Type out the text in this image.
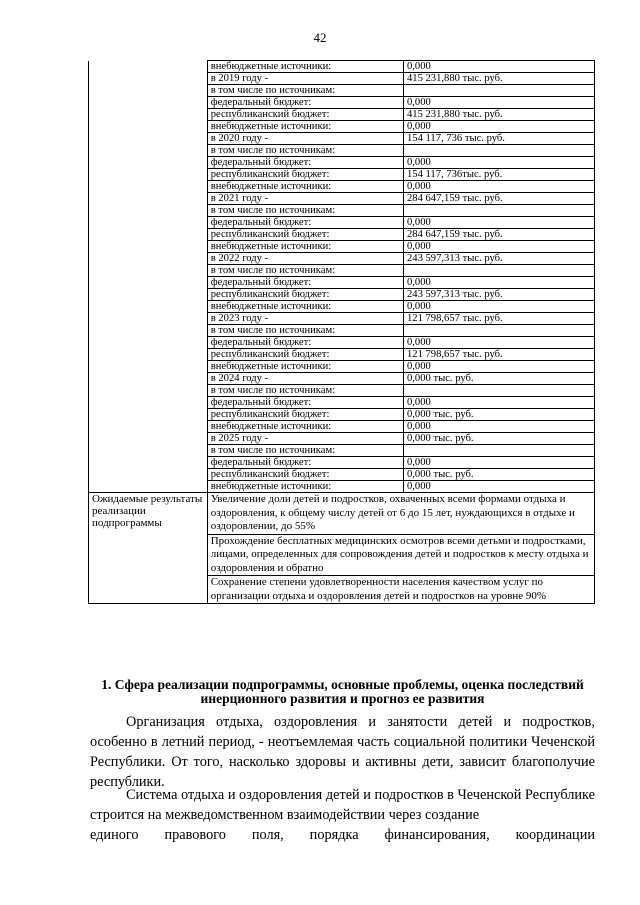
42
	внебюджетные источники:	0,000
	в 2019 году -	415 231,880 тыс. руб.
	в том числе по источникам:	
	федеральный бюджет:	0,000
	республиканский бюджет:	415 231,880 тыс. руб.
	внебюджетные источники:	0,000
	в 2020 году -	154 117, 736 тыс. руб.
	в том числе по источникам:	
	федеральный бюджет:	0,000
	республиканский бюджет:	154 117, 736тыс. руб.
	внебюджетные источники:	0,000
	в 2021 году -	284 647,159 тыс. руб.
	в том числе по источникам:	
	федеральный бюджет:	0,000
	республиканский бюджет:	284 647,159 тыс. руб.
	внебюджетные источники:	0,000
	в 2022 году -	243 597,313 тыс. руб.
	в том числе по источникам:	
	федеральный бюджет:	0,000
	республиканский бюджет:	243 597,313 тыс. руб.
	внебюджетные источники:	0,000
	в 2023 году -	121 798,657 тыс. руб.
	в том числе по источникам:	
	федеральный бюджет:	0,000
	республиканский бюджет:	121 798,657 тыс. руб.
	внебюджетные источники:	0,000
	в 2024 году -	0,000 тыс. руб.
	в том числе по источникам:	
	федеральный бюджет:	0,000
	республиканский бюджет:	0,000 тыс. руб.
	внебюджетные источники:	0,000
	в 2025 году -	0,000 тыс. руб.
	в том числе по источникам:	
	федеральный бюджет:	0,000
	республиканский бюджет:	0,000 тыс. руб.
	внебюджетные источники:	0,000
Ожидаемые результаты реализации подпрограммы	Увеличение доли детей и подростков, охваченных всеми формами отдыха и оздоровления, к общему числу детей от 6 до 15 лет, нуждающихся в отдыхе и оздоровлении, до 55%	
	Прохождение бесплатных медицинских осмотров всеми детьми и подростками, лицами, определенных для сопровождения детей и подростков к месту отдыха и оздоровления и обратно	
	Сохранение степени удовлетворенности населения качеством услуг по организации отдыха и оздоровления детей и подростков на уровне 90%	
1. Сфера реализации подпрограммы, основные проблемы, оценка последствий инерционного развития и прогноз ее развития
Организация отдыха, оздоровления и занятости детей и подростков, особенно в летний период, - неотъемлемая часть социальной политики Чеченской Республики. От того, насколько здоровы и активны дети, зависит благополучие республики.
Система отдыха и оздоровления детей и подростков в Чеченской Республике строится на межведомственном взаимодействии через создание
единого правового поля, порядка финансирования, координации
